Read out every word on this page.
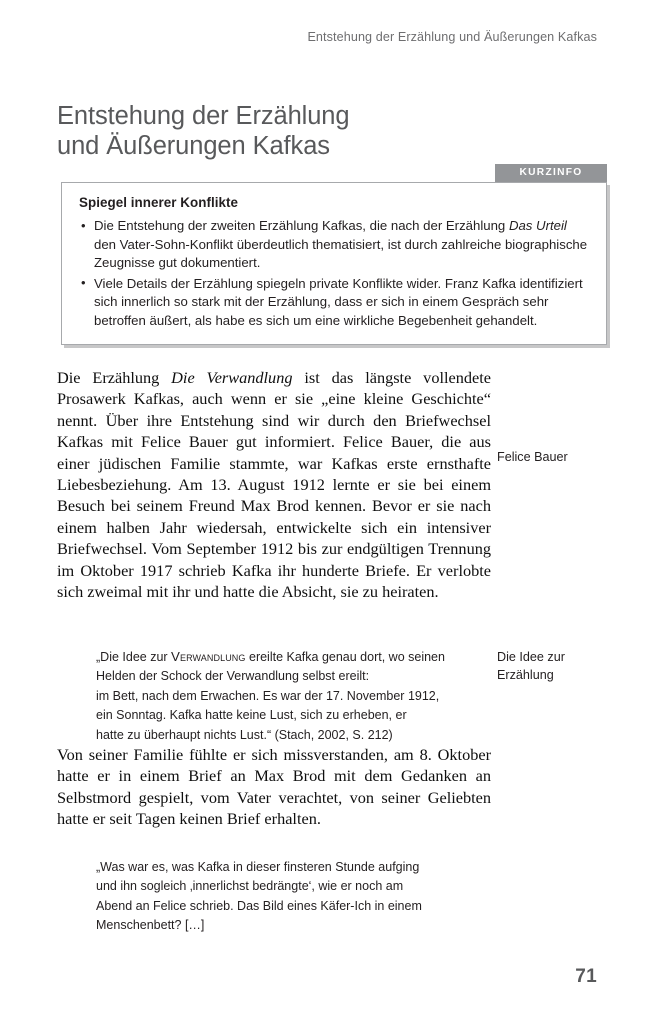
Entstehung der Erzählung und Äußerungen Kafkas
Entstehung der Erzählung
und Äußerungen Kafkas
KURZINFO
Spiegel innerer Konflikte
• Die Entstehung der zweiten Erzählung Kafkas, die nach der Erzählung Das Urteil den Vater-Sohn-Konflikt überdeutlich thematisiert, ist durch zahlreiche biographische Zeugnisse gut dokumentiert.
• Viele Details der Erzählung spiegeln private Konflikte wider. Franz Kafka identifiziert sich innerlich so stark mit der Erzählung, dass er sich in einem Gespräch sehr betroffen äußert, als habe es sich um eine wirkliche Begebenheit gehandelt.

Die Erzählung Die Verwandlung ist das längste vollendete Prosawerk Kafkas, auch wenn er sie „eine kleine Geschichte“ nennt. Über ihre Entstehung sind wir durch den Briefwechsel Kafkas mit Felice Bauer gut informiert. Felice Bauer, die aus einer jüdischen Familie stammte, war Kafkas erste ernsthafte Liebesbeziehung. Am 13. August 1912 lernte er sie bei einem Besuch bei seinem Freund Max Brod kennen. Bevor er sie nach einem halben Jahr wiedersah, entwickelte sich ein intensiver Briefwechsel. Vom September 1912 bis zur endgültigen Trennung im Oktober 1917 schrieb Kafka ihr hunderte Briefe. Er verlobte sich zweimal mit ihr und hatte die Absicht, sie zu heiraten.

„Die Idee zur Verwandlung ereilte Kafka genau dort, wo seinen
Helden der Schock der Verwandlung selbst ereilt:
im Bett, nach dem Erwachen. Es war der 17. November 1912,
ein Sonntag. Kafka hatte keine Lust, sich zu erheben, er
hatte zu überhaupt nichts Lust.“ (Stach, 2002, S. 212)

Von seiner Familie fühlte er sich missverstanden, am 8. Oktober hatte er in einem Brief an Max Brod mit dem Gedanken an Selbstmord gespielt, vom Vater verachtet, von seiner Geliebten hatte er seit Tagen keinen Brief erhalten.

„Was war es, was Kafka in dieser finsteren Stunde aufging
und ihn sogleich ‚innerlichst bedrängte‘, wie er noch am
Abend an Felice schrieb. Das Bild eines Käfer-Ich in einem
Menschenbett? […]
Felice Bauer
Die Idee zur
Erzählung
71
